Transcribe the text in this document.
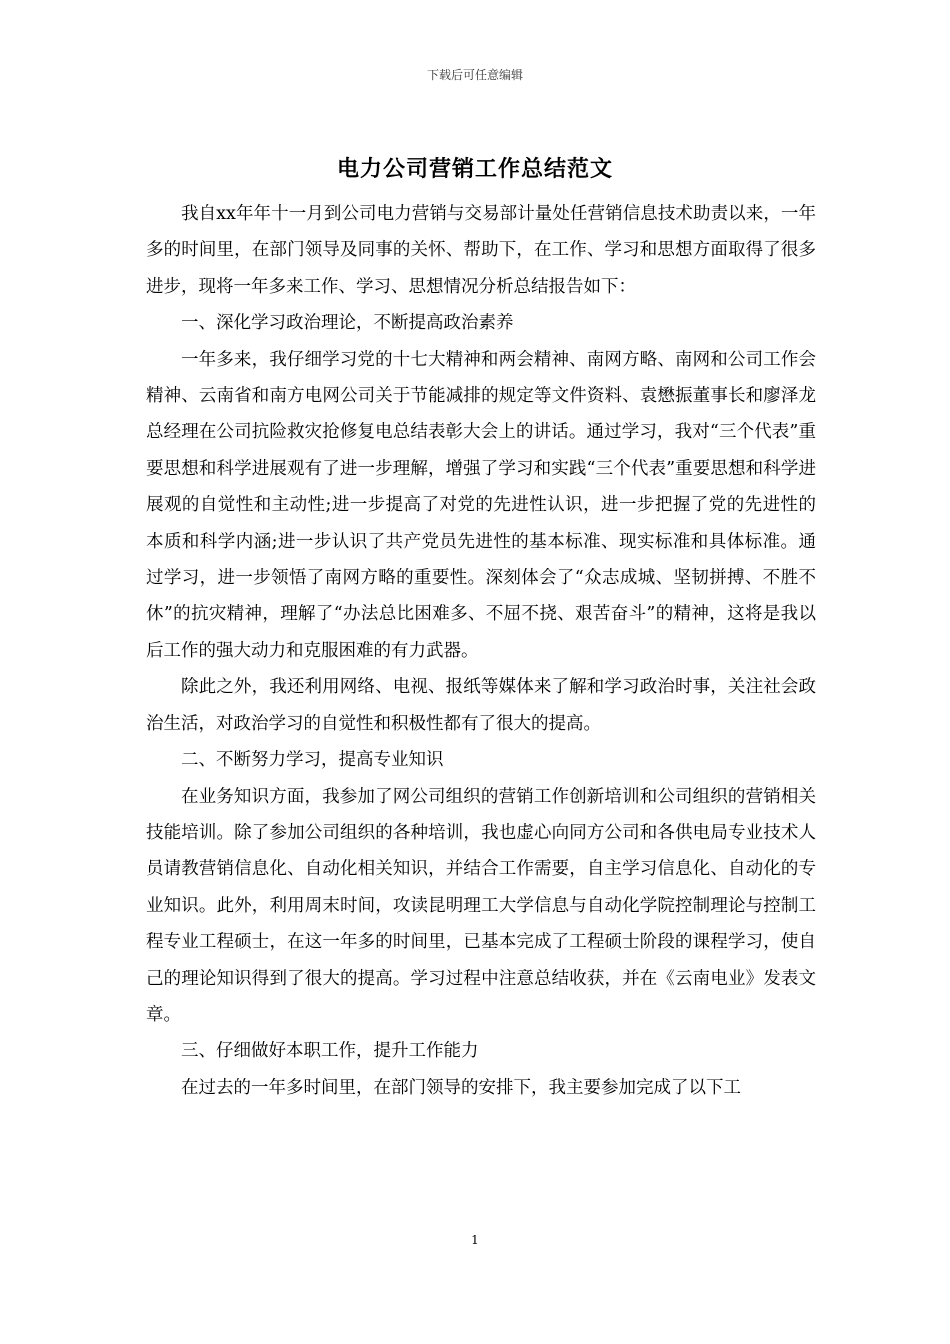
下载后可任意编辑
电力公司营销工作总结范文

我自xx年年十一月到公司电力营销与交易部计量处任营销信息技术助责以来，一年多的时间里，在部门领导及同事的关怀、帮助下，在工作、学习和思想方面取得了很多进步，现将一年多来工作、学习、思想情况分析总结报告如下：

一、深化学习政治理论，不断提高政治素养

一年多来，我仔细学习党的十七大精神和两会精神、南网方略、南网和公司工作会精神、云南省和南方电网公司关于节能减排的规定等文件资料、袁懋振董事长和廖泽龙总经理在公司抗险救灾抢修复电总结表彰大会上的讲话。通过学习，我对“三个代表”重要思想和科学进展观有了进一步理解，增强了学习和实践“三个代表”重要思想和科学进展观的自觉性和主动性;进一步提高了对党的先进性认识，进一步把握了党的先进性的本质和科学内涵;进一步认识了共产党员先进性的基本标准、现实标准和具体标准。通过学习，进一步领悟了南网方略的重要性。深刻体会了“众志成城、坚韧拼搏、不胜不休”的抗灾精神，理解了“办法总比困难多、不屈不挠、艰苦奋斗”的精神，这将是我以后工作的强大动力和克服困难的有力武器。

除此之外，我还利用网络、电视、报纸等媒体来了解和学习政治时事，关注社会政治生活，对政治学习的自觉性和积极性都有了很大的提高。

二、不断努力学习，提高专业知识

在业务知识方面，我参加了网公司组织的营销工作创新培训和公司组织的营销相关技能培训。除了参加公司组织的各种培训，我也虚心向同方公司和各供电局专业技术人员请教营销信息化、自动化相关知识，并结合工作需要，自主学习信息化、自动化的专业知识。此外，利用周末时间，攻读昆明理工大学信息与自动化学院控制理论与控制工程专业工程硕士，在这一年多的时间里，已基本完成了工程硕士阶段的课程学习，使自己的理论知识得到了很大的提高。学习过程中注意总结收获，并在《云南电业》发表文章。

三、仔细做好本职工作，提升工作能力

在过去的一年多时间里，在部门领导的安排下，我主要参加完成了以下工

1
